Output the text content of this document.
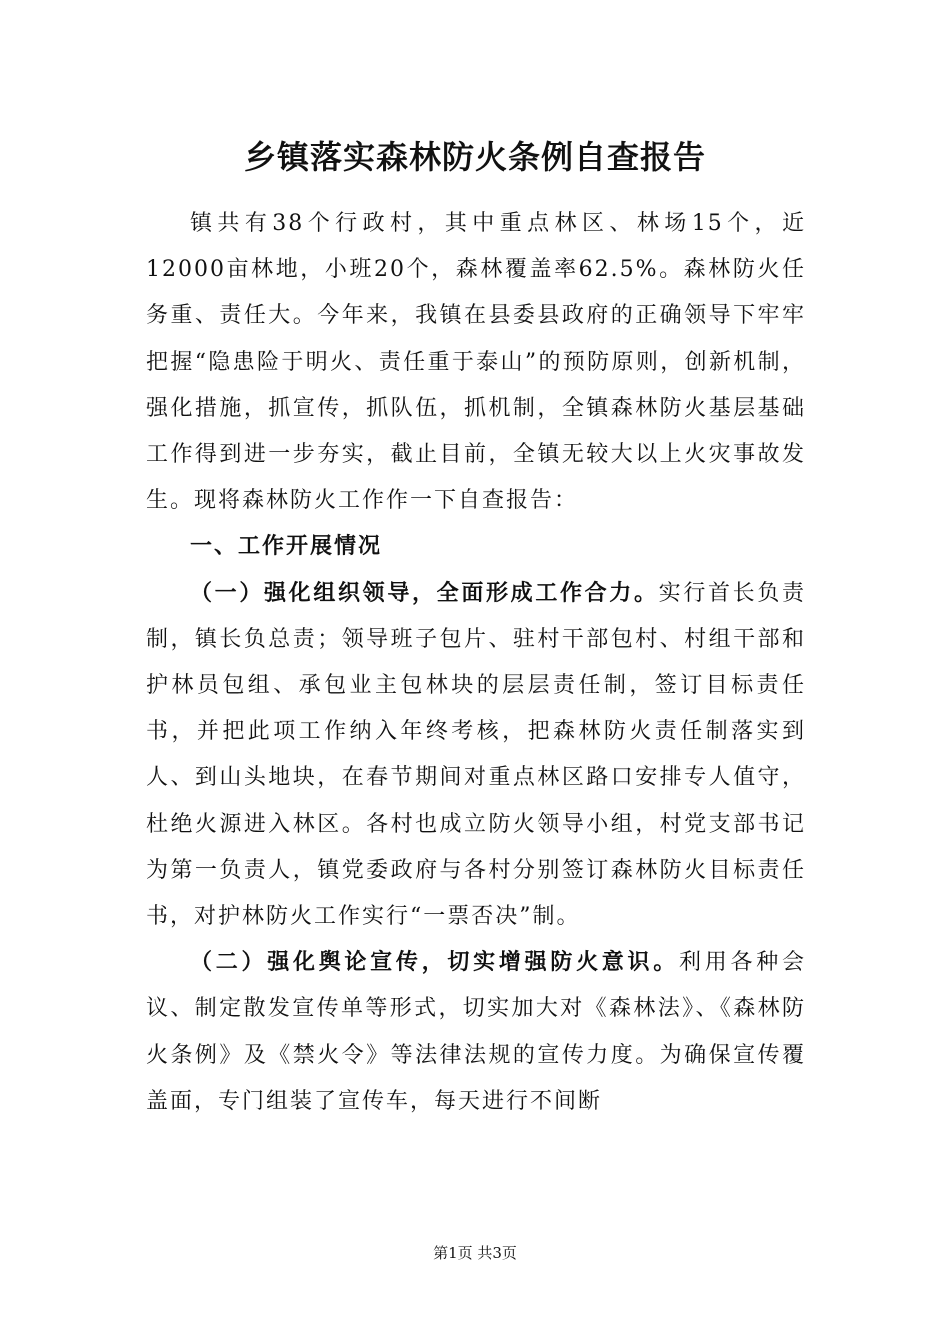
乡镇落实森林防火条例自查报告

镇共有38个行政村，其中重点林区、林场15个，近12000亩林地，小班20个，森林覆盖率62.5%。森林防火任务重、责任大。今年来，我镇在县委县政府的正确领导下牢牢把握“隐患险于明火、责任重于泰山”的预防原则，创新机制，强化措施，抓宣传，抓队伍，抓机制，全镇森林防火基层基础工作得到进一步夯实，截止目前，全镇无较大以上火灾事故发生。现将森林防火工作作一下自查报告：

一、工作开展情况

（一）强化组织领导，全面形成工作合力。实行首长负责制，镇长负总责；领导班子包片、驻村干部包村、村组干部和护林员包组、承包业主包林块的层层责任制，签订目标责任书，并把此项工作纳入年终考核，把森林防火责任制落实到人、到山头地块，在春节期间对重点林区路口安排专人值守，杜绝火源进入林区。各村也成立防火领导小组，村党支部书记为第一负责人，镇党委政府与各村分别签订森林防火目标责任书，对护林防火工作实行“一票否决”制。

（二）强化舆论宣传，切实增强防火意识。利用各种会议、制定散发宣传单等形式，切实加大对《森林法》、《森林防火条例》及《禁火令》等法律法规的宣传力度。为确保宣传覆盖面，专门组装了宣传车，每天进行不间断

第1页 共3页
